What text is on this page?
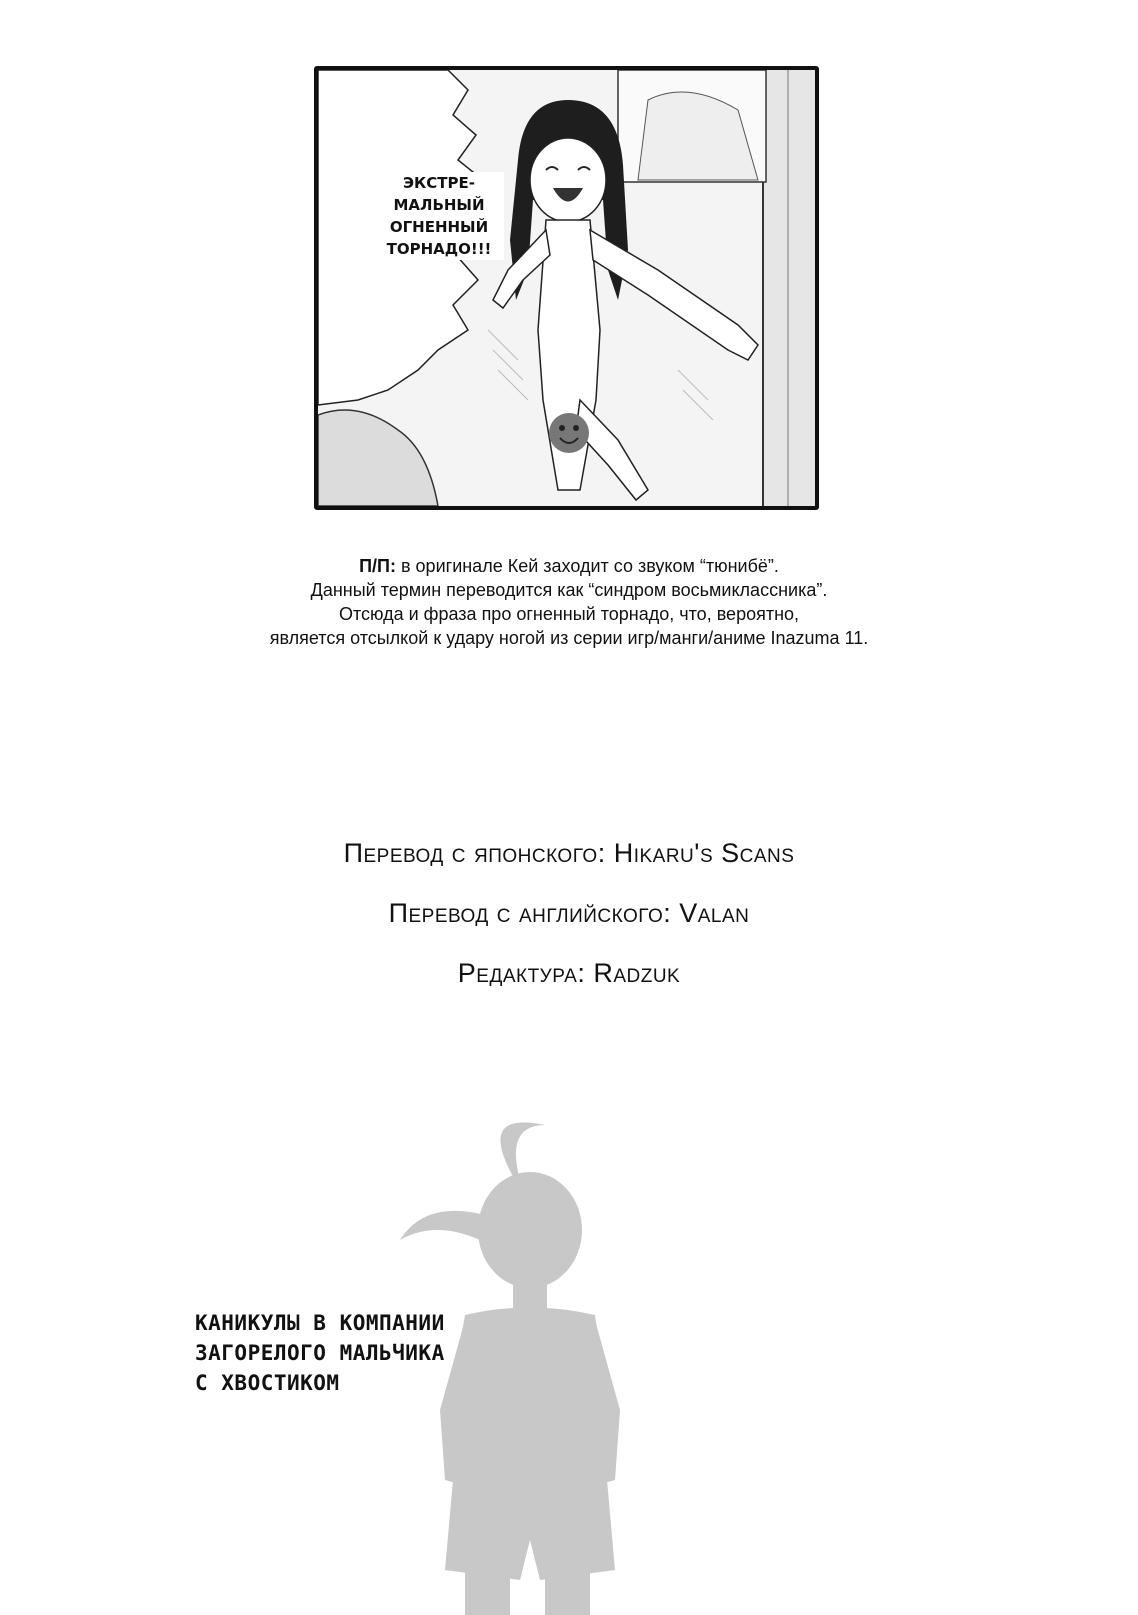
ЭКСТРЕ-
МАЛЬНЫЙ
ОГНЕННЫЙ
ТОРНАДО!!!
П/П: в оригинале Кей заходит со звуком “тюнибё”.
Данный термин переводится как “синдром восьмиклассника”.
Отсюда и фраза про огненный торнадо, что, вероятно,
является отсылкой к удару ногой из серии игр/манги/аниме Inazuma 11.
Перевод с японского: Hikaru's Scans
Перевод с английского: Valan
Редактура: Radzuk
КАНИКУЛЫ В КОМПАНИИ
ЗАГОРЕЛОГО МАЛЬЧИКА
С ХВОСТИКОМ
